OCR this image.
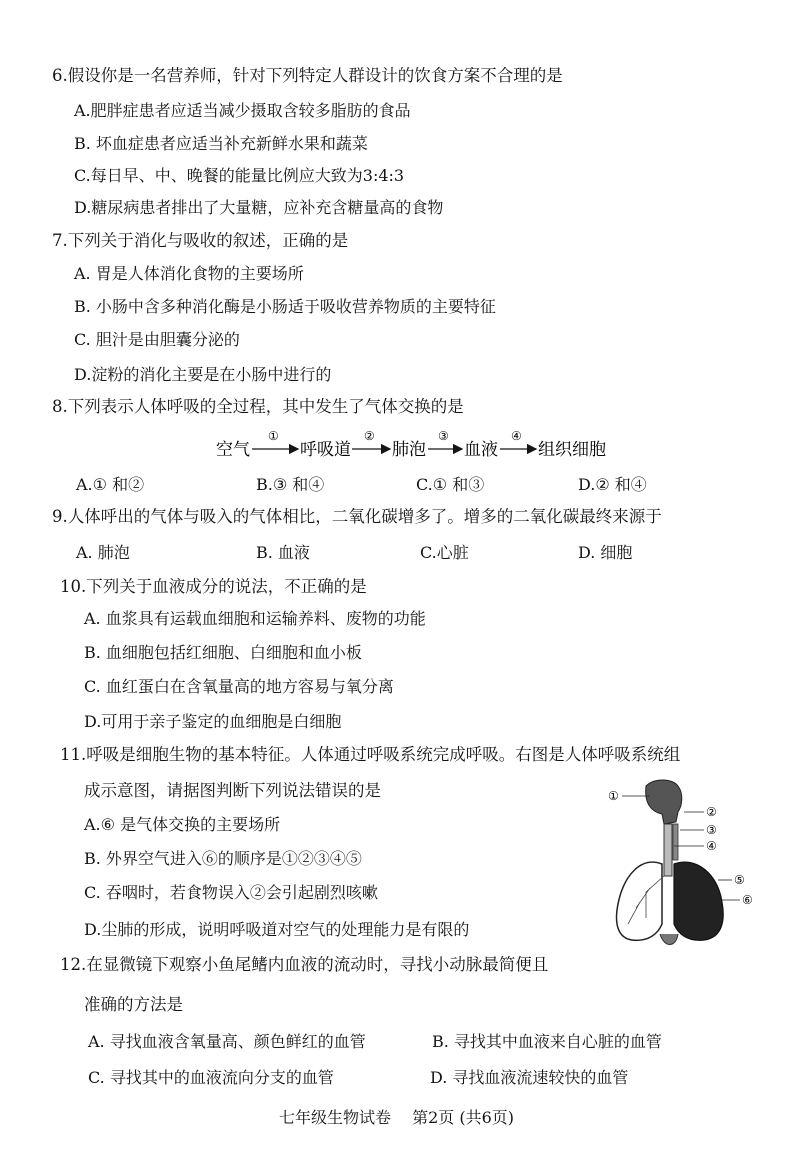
6.假设你是一名营养师，针对下列特定人群设计的饮食方案不合理的是
A.肥胖症患者应适当减少摄取含较多脂肪的食品
B. 坏血症患者应适当补充新鲜水果和蔬菜
C.每日早、中、晚餐的能量比例应大致为3:4:3
D.糖尿病患者排出了大量糖，应补充含糖量高的食物
7.下列关于消化与吸收的叙述，正确的是
A. 胃是人体消化食物的主要场所
B. 小肠中含多种消化酶是小肠适于吸收营养物质的主要特征
C. 胆汁是由胆囊分泌的
D.淀粉的消化主要是在小肠中进行的
8.下列表示人体呼吸的全过程，其中发生了气体交换的是
空气	呼吸道 肺泡 血液 组织细胞
①	②	③	④
A.① 和②	B.③ 和④	C.① 和③	D.② 和④
9.人体呼出的气体与吸入的气体相比，二氧化碳增多了。增多的二氧化碳最终来源于
A. 肺泡	B. 血液	C.心脏	D. 细胞
10.下列关于血液成分的说法，不正确的是
A. 血浆具有运载血细胞和运输养料、废物的功能
B. 血细胞包括红细胞、白细胞和血小板
C. 血红蛋白在含氧量高的地方容易与氧分离
D.可用于亲子鉴定的血细胞是白细胞
11.呼吸是细胞生物的基本特征。人体通过呼吸系统完成呼吸。右图是人体呼吸系统组
成示意图，请据图判断下列说法错误的是
A.⑥ 是气体交换的主要场所
B. 外界空气进入⑥的顺序是①②③④⑤
C. 吞咽时，若食物误入②会引起剧烈咳嗽
D.尘肺的形成，说明呼吸道对空气的处理能力是有限的
①
②
③
④
⑤
⑥
12.在显微镜下观察小鱼尾鳍内血液的流动时，寻找小动脉最简便且
准确的方法是
A. 寻找血液含氧量高、颜色鲜红的血管	B. 寻找其中血液来自心脏的血管
C. 寻找其中的血液流向分支的血管	D. 寻找血液流速较快的血管
七年级生物试卷 第2页 (共6页)
